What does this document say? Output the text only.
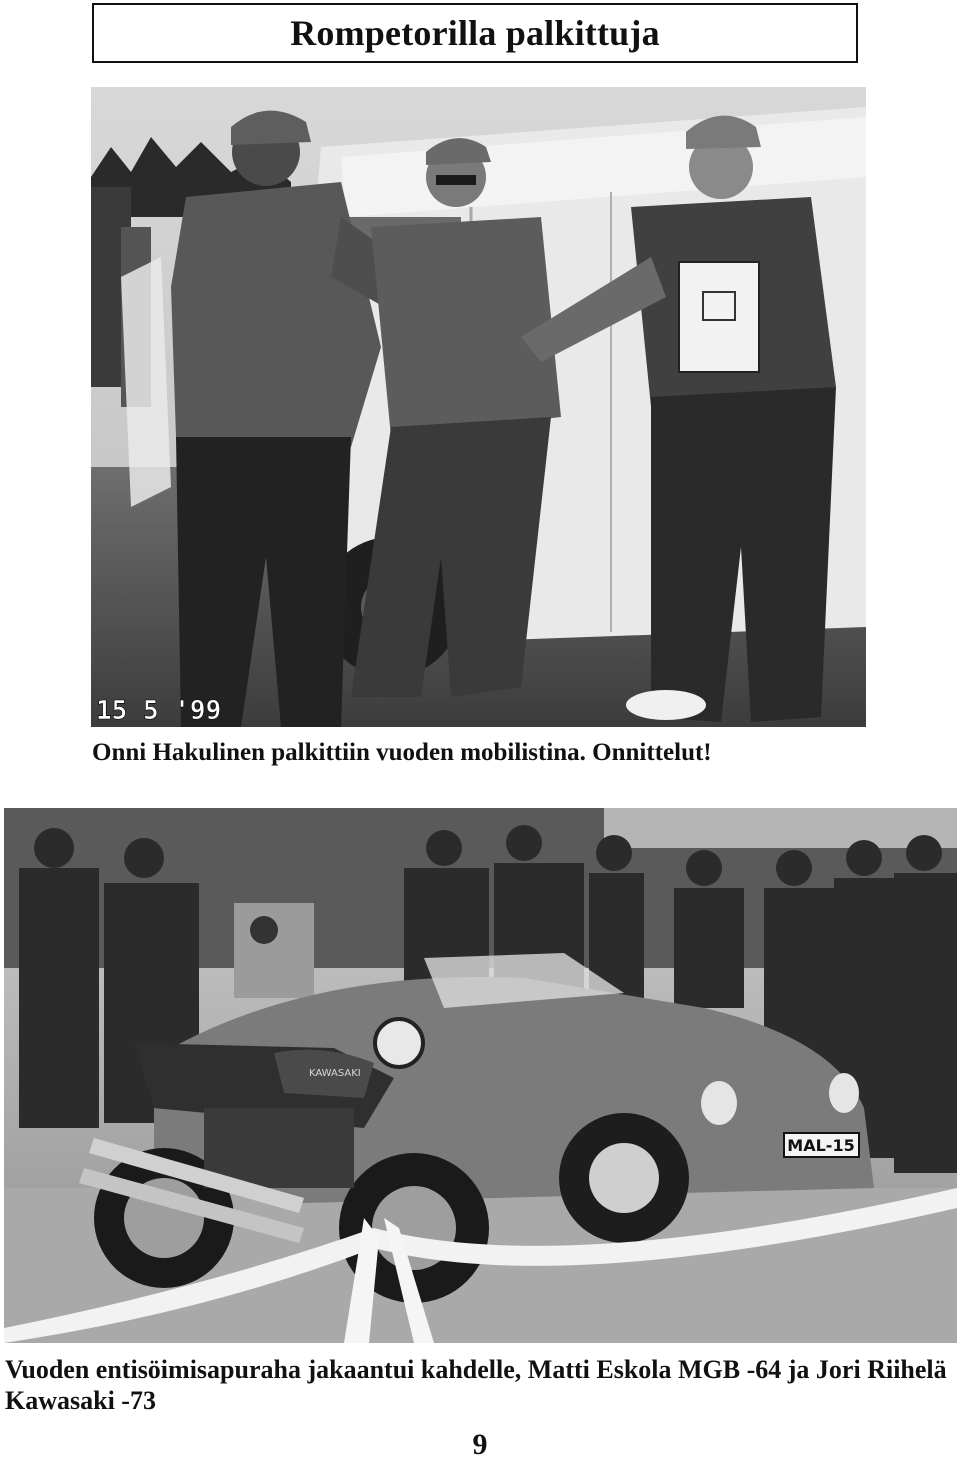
Rompetorilla palkittuja
15 5 '99
Onni Hakulinen palkittiin vuoden mobilistina. Onnittelut!
MAL-15
KAWASAKI
Vuoden entisöimisapuraha jakaantui kahdelle, Matti Eskola MGB -64 ja Jori Riihelä
Kawasaki -73
9
